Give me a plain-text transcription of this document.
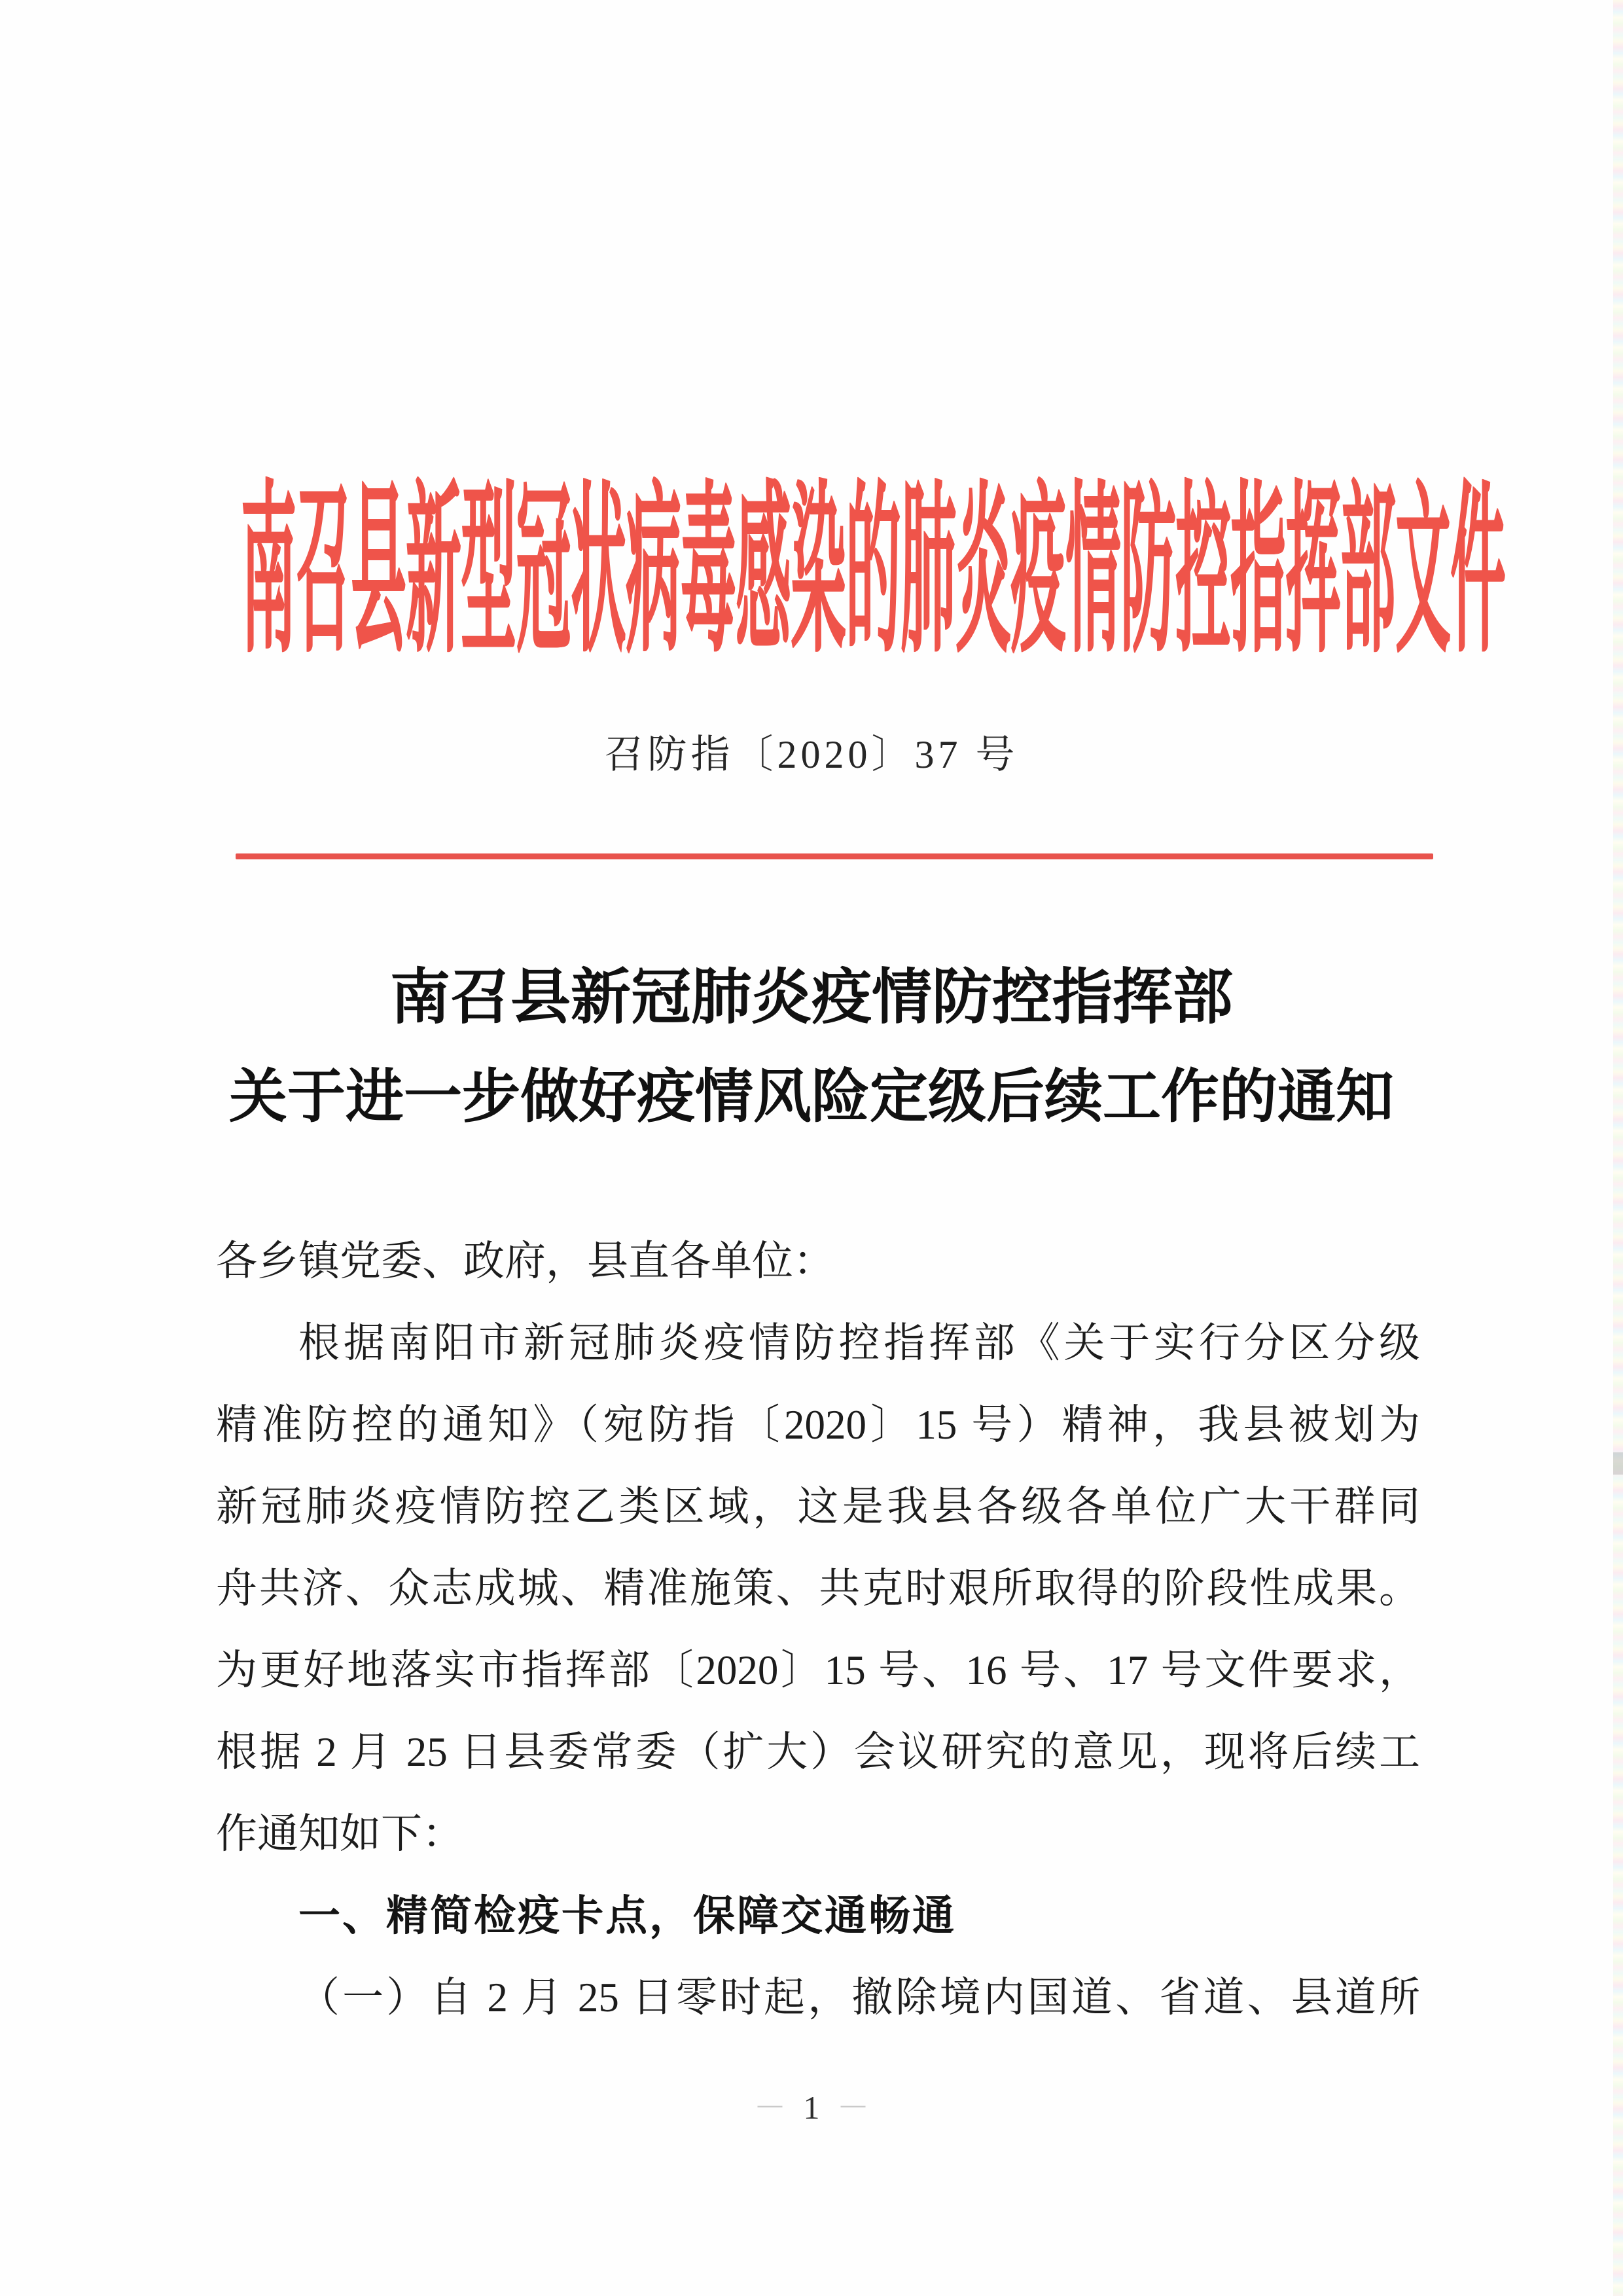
南召县新型冠状病毒感染的肺炎疫情防控指挥部文件
召防指〔2020〕37 号
南召县新冠肺炎疫情防控指挥部
关于进一步做好疫情风险定级后续工作的通知
各乡镇党委、政府，县直各单位：
根据南阳市新冠肺炎疫情防控指挥部《关于实行分区分级
精准防控的通知》（宛防指〔2020〕15 号）精神，我县被划为
新冠肺炎疫情防控乙类区域，这是我县各级各单位广大干群同
舟共济、众志成城、精准施策、共克时艰所取得的阶段性成果。
为更好地落实市指挥部〔2020〕15 号、16 号、17 号文件要求，
根据 2 月 25 日县委常委（扩大）会议研究的意见，现将后续工
作通知如下：
一、精简检疫卡点，保障交通畅通
（一）自 2 月 25 日零时起，撤除境内国道、省道、县道所
－ 1 －
